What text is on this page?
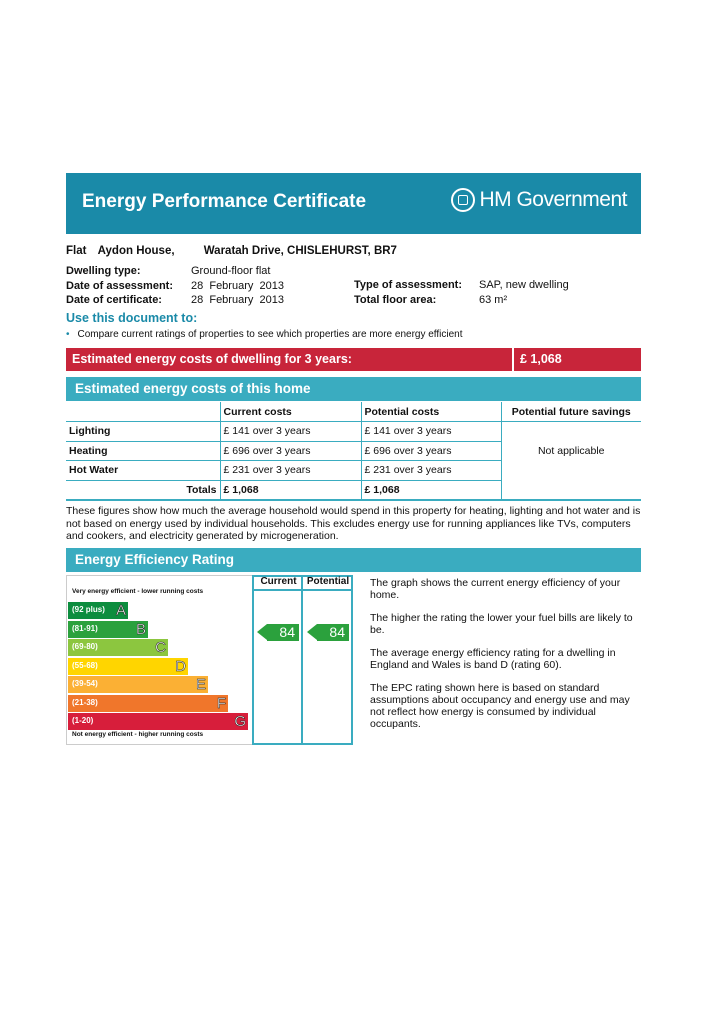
Energy Performance Certificate	HM Government
Flat Aydon House,	Waratah Drive, CHISLEHURST, BR7
Dwelling type:	Ground-floor flat
Date of assessment: 28  February  2013
Date of certificate:	28  February  2013
Type of assessment: SAP, new dwelling
Total floor area:	63 m²
Use this document to:
• Compare current ratings of properties to see which properties are more energy efficient
Estimated energy costs of dwelling for 3 years:	£ 1,068
Estimated energy costs of this home
	Current costs	Potential costs	Potential future savings
Lighting	£ 141 over 3 years	£ 141 over 3 years	Not applicable
Heating	£ 696 over 3 years	£ 696 over 3 years	
Hot Water	£ 231 over 3 years	£ 231 over 3 years	
Totals	£ 1,068	£ 1,068	
These figures show how much the average household would spend in this property for heating, lighting and hot water and is not based on energy used by individual households. This excludes energy use for running appliances like TVs, computers and cookers, and electricity generated by microgeneration.
Energy Efficiency Rating
Very energy efficient - lower running costs
(92 plus) A
(81-91)	B
(69-80)	C
(55-68)	D
(39-54)	E
(21-38)	F
(1-20)	G
Not energy efficient - higher running costs
Current	Potential
84	84

The graph shows the current energy efficiency of your home.

The higher the rating the lower your fuel bills are likely to be.

The average energy efficiency rating for a dwelling in England and Wales is band D (rating 60).

The EPC rating shown here is based on standard assumptions about occupancy and energy use and may not reflect how energy is consumed by individual occupants.
